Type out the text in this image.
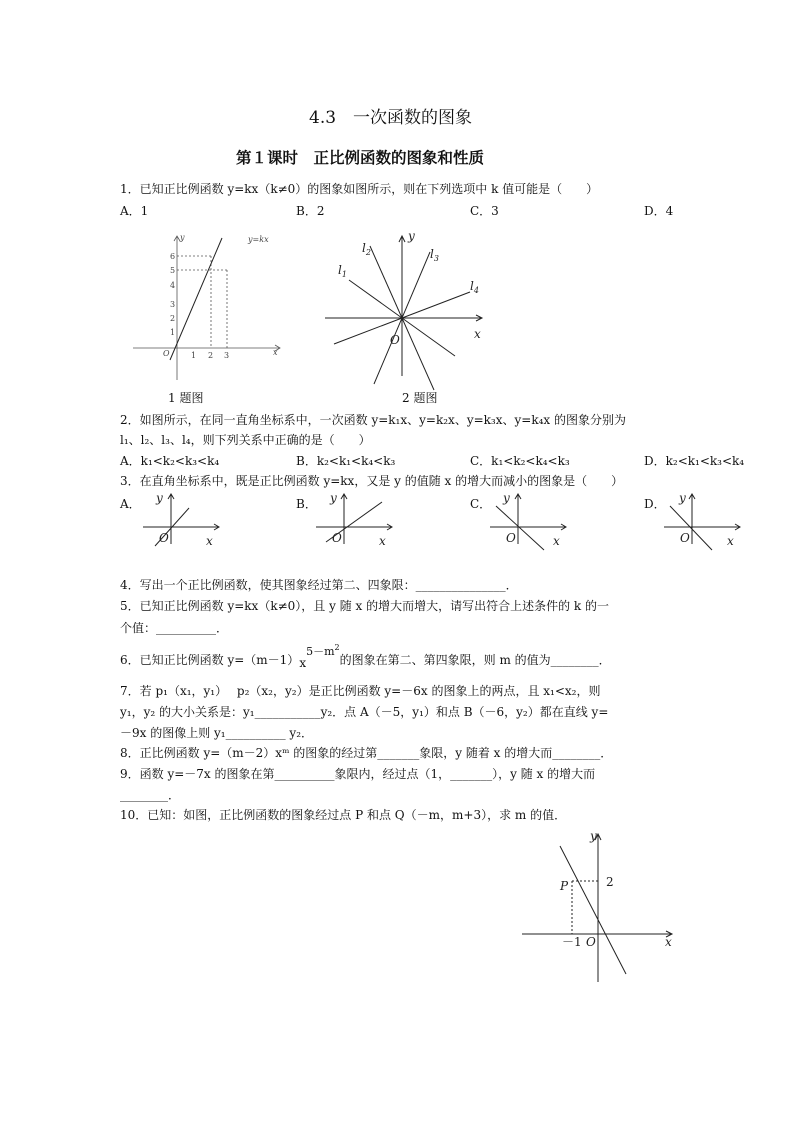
4.3　一次函数的图象
第１课时　正比例函数的图象和性质
1．已知正比例函数 y=kx（k≠0）的图象如图所示，则在下列选项中 k 值可能是（　　）
A．1	B．2	C．3	D．4
y
x
O
y=kx
1
2
3
4
5
6
1 2 3
1 题图
y
x
O
$l_1$
$l_2$	$l_3$
$l_4$
2 题图
2．如图所示，在同一直角坐标系中，一次函数 y=k₁x、y=k₂x、y=k₃x、y=k₄x 的图象分别为
l₁、l₂、l₃、l₄，则下列关系中正确的是（　　）
A．k₁<k₂<k₃<k₄	B．k₂<k₁<k₄<k₃	C．k₁<k₂<k₄<k₃	D．k₂<k₁<k₃<k₄
3．在直角坐标系中，既是正比例函数 y=kx，又是 y 的值随 x 的增大而减小的图象是（　　）
A．	B．	C．	D．
y
x
O
y
x
O
y
x
O
y
x
O
4．写出一个正比例函数，使其图象经过第二、四象限：_______________．
5．已知正比例函数 y=kx（k≠0），且 y 随 x 的增大而增大，请写出符合上述条件的 k 的一
个值：__________．
6．已知正比例函数 $y=(m-1)x5-m^2$的图象在第二、第四象限，则 m 的值为________．
7．若 p₁（x₁，y₁）　 p₂（x₂，y₂）是正比例函数 y=－6x 的图象上的两点，且 x₁<x₂，则
y₁，y₂ 的大小关系是：y₁___________y₂．点 A（－5，y₁）和点 B（－6，y₂）都在直线 y=
－9x 的图像上则 y₁__________ y₂．
8．正比例函数 y=（m－2）xᵐ 的图象的经过第_______象限，y 随着 x 的增大而________．
9．函数 y=－7x 的图象在第__________象限内，经过点（1，_______），y 随 x 的增大而
________．
10．已知：如图，正比例函数的图象经过点 P 和点 Q（－m，m+3），求 m 的值．
y
x
O
P	2
－1
